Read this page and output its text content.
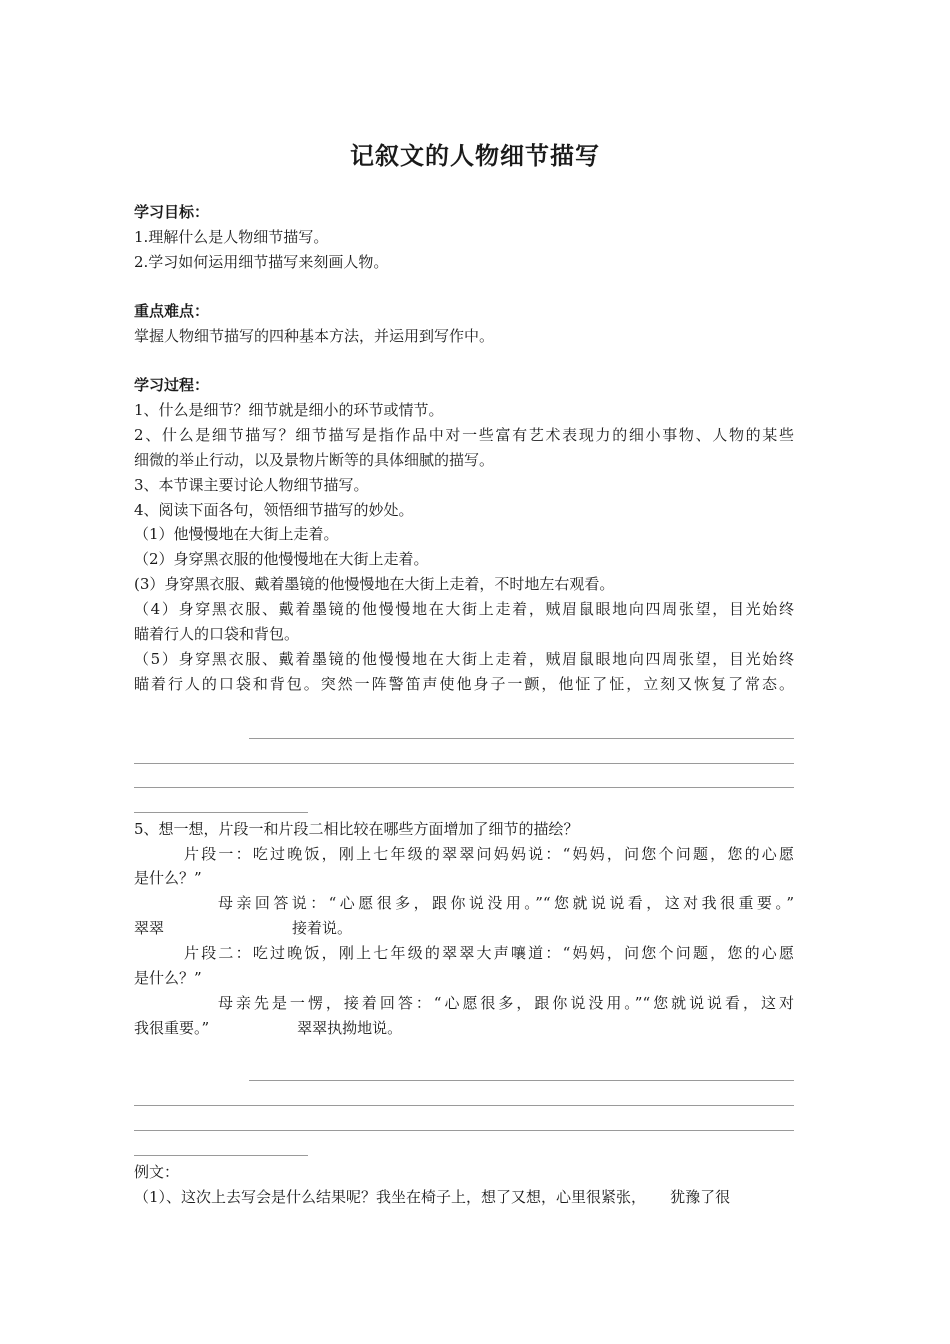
记叙文的人物细节描写

学习目标：

1.理解什么是人物细节描写。

2.学习如何运用细节描写来刻画人物。

重点难点：

掌握人物细节描写的四种基本方法，并运用到写作中。

学习过程：

1、什么是细节？细节就是细小的环节或情节。

2、什么是细节描写？细节描写是指作品中对一些富有艺术表现力的细小事物、人物的某些

细微的举止行动，以及景物片断等的具体细腻的描写。

3、本节课主要讨论人物细节描写。

4、阅读下面各句，领悟细节描写的妙处。

（1）他慢慢地在大街上走着。

（2）身穿黑衣服的他慢慢地在大街上走着。

(3）身穿黑衣服、戴着墨镜的他慢慢地在大街上走着，不时地左右观看。

（4）身穿黑衣服、戴着墨镜的他慢慢地在大街上走着，贼眉鼠眼地向四周张望，目光始终

瞄着行人的口袋和背包。

（5）身穿黑衣服、戴着墨镜的他慢慢地在大街上走着，贼眉鼠眼地向四周张望，目光始终

瞄着行人的口袋和背包。突然一阵警笛声使他身子一颤，他怔了怔，立刻又恢复了常态。

5、想一想，片段一和片段二相比较在哪些方面增加了细节的描绘？

片段一：吃过晚饭，刚上七年级的翠翠问妈妈说：“妈妈，问您个问题，您的心愿

是什么？”

母亲回答说：“心愿很多，跟你说没用。”“您就说说看，这对我很重要。”

翠翠	接着说。

片段二：吃过晚饭，刚上七年级的翠翠大声嚷道：“妈妈，问您个问题，您的心愿

是什么？”

母亲先是一愣，接着回答：“心愿很多，跟你说没用。”“您就说说看，这对

我很重要。”	翠翠执拗地说。

例文：

（1）、这次上去写会是什么结果呢？我坐在椅子上，想了又想，心里很紧张， 犹豫了很
